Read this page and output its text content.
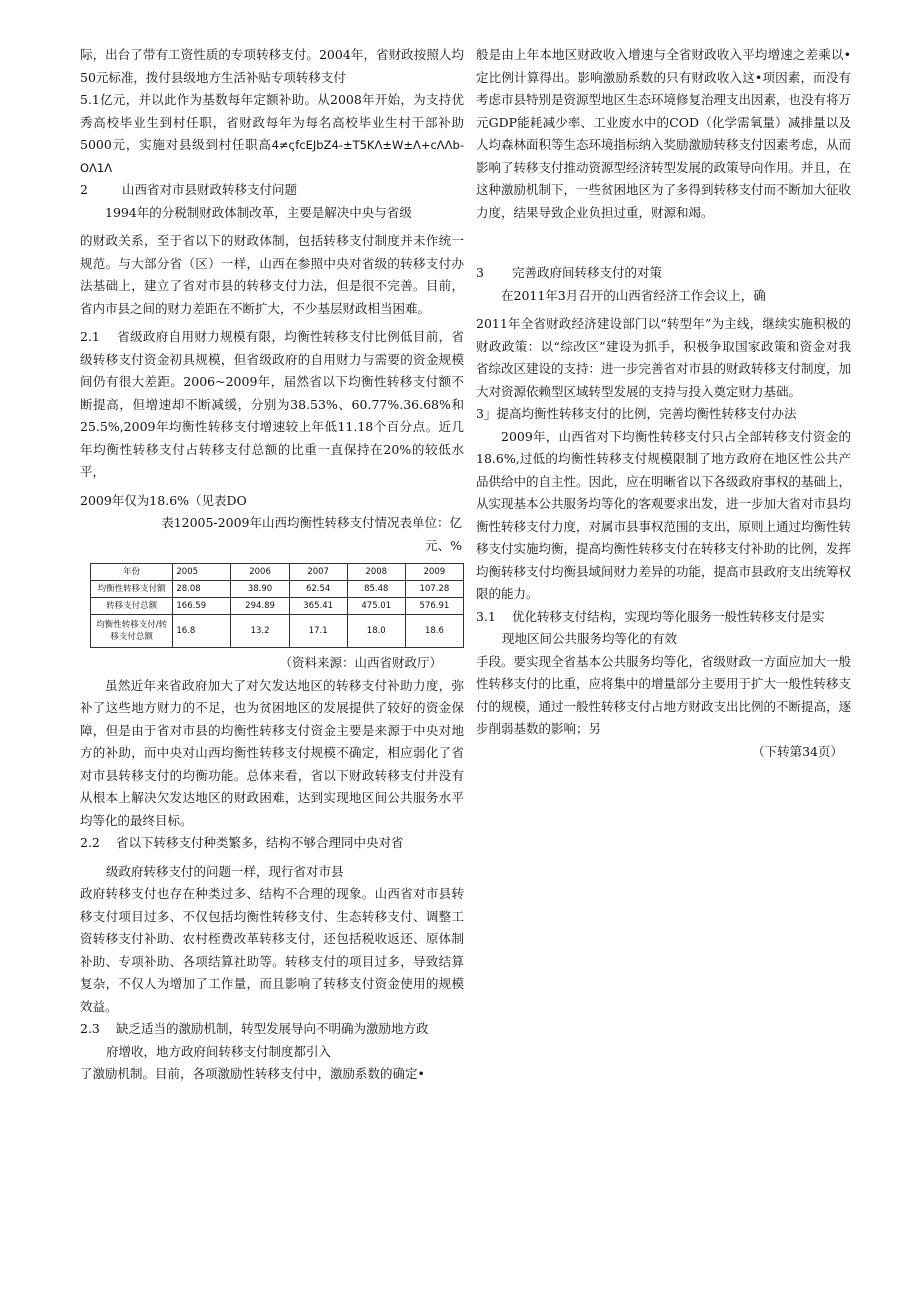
际，出台了带有工资性质的专项转移支付。2004年，省财政按照人均50元标准，拨付县级地方生活补贴专项转移支付

5.1亿元，并以此作为基数每年定额补助。从2008年开始，为支持优秀高校毕业生到村任职，省财政每年为每名高校毕业生村干部补助5000元，实施对县级到村任职高4≠ςfcEJbZ4-±T5KΛ±W±Λ+cΛΛb-OΛ1Λ

2	山西省对市县财政转移支付问题

1994年的分税制财政体制改革，主要是解决中央与省级

的财政关系，至于省以下的财政体制，包括转移支付制度并未作统一规范。与大部分省（区）一样，山西在参照中央对省级的转移支付办法基础上，建立了省对市县的转移支付力法，但是很不完善。目前，省内市县之间的财力差距在不断扩大，不少基层财政相当困难。

2.1 省级政府自用财力规模有限，均衡性转移支付比例低目前，省级转移支付资金初具规模，但省级政府的自用财力与需要的资金规模间仍有很大差距。2006~2009年，届然省以下均衡性转移支付额不断提高，但增速却不断减缓，分别为38.53%、60.77%.36.68%和25.5%,2009年均衡性转移支付增速较上年低11.18个百分点。近几年均衡性转移支付占转移支付总额的比重一直保持在20%的较低水平，

2009年仅为18.6%（见表DO

表12005-2009年山西均衡性转移支付情况表单位：亿元、%

年份	2005	2006	2007	2008	2009
均衡性转移支付额	28.08	38.90	62.54	85.48	107.28
转移支付总额	166.59	294.89	365.41	475.01	576.91
均衡性转移支付/转移支付总额	16.8	13.2	17.1	18.0	18.6

（资料来源：山西省财政厅）

虽然近年来省政府加大了对欠发达地区的转移支付补助力度，弥补了这些地方财力的不足，也为贫困地区的发展提供了较好的资金保障，但是由于省对市县的均衡性转移支付资金主要是来源于中央对地方的补助，而中央对山西均衡性转移支付规模不确定，相应弱化了省对市县转移支付的均衡功能。总体来看，省以下财政转移支付并没有从根本上解决欠发达地区的财政困难，达到实现地区间公共服务水平均等化的最终目标。

2.2 省以下转移支付种类繁多，结构不够合理同中央对省

级政府转移支付的问题一样，现行省对市县

政府转移支付也存在种类过多、结构不合理的现象。山西省对市县转移支付项目过多、不仅包括均衡性转移支付、生态转移支付、调整工资转移支付补助、农村桎费改革转移支付，还包括税收返还、原体制补助、专项补助、各项结算社助等。转移支付的项目过多，导致结算复杂，不仅人为增加了工作量，而且影响了转移支付资金使用的规模效益。

2.3 缺乏适当的激励机制，转型发展导向不明确为激励地方政

府增收，地方政府间转移支付制度都引入

了激励机制。目前，各项激励性转移支付中，激励系数的确定•

般是由上年本地区财政收入增速与全省财政收入平均增速之差乘以•定比例计算得出。影响激励系数的只有财政收入这•项因素，而没有考虑市县特别是资源型地区生态环境修复治理支出因素，也没有将万元GDP能耗减少率、工业废水中的COD（化学需氧量）减排量以及人均森林面积等生态环境指标纳入奖励激励转移支付因素考虑，从而影响了转移支付推动资源型经济转型发展的政策导向作用。并且，在这种激励机制下，一些贫困地区为了多得到转移支付而不断加大征收力度，结果导致企业负担过重，财源和竭。

3 完善政府间转移支付的对策

在2011年3月召开的山西省经济工作会议上，确

2011年全省财政经济建设部门以“转型年”为主线，继续实施积极的财政政策：以“综改区”建设为抓手，积极争取国家政策和资金对我省综改区建设的支持：进一步完善省对市县的财政转移支付制度，加大对资源依赖型区域转型发展的支持与投入奠定财力基础。

3」提高均衡性转移支付的比例，完善均衡性转移支付办法

2009年，山西省对下均衡性转移支付只占全部转移支付资金的18.6%,过低的均衡性转移支付规模限制了地方政府在地区性公共产品供给中的自主性。因此，应在明晰省以下各级政府事权的基础上，从实现基本公共服务均等化的客观要求出发，进一步加大省对市县均衡性转移支付力度，对属市县事权范围的支出，原则上通过均衡性转移支付实施均衡，提高均衡性转移支付在转移支付补助的比例，发挥均衡转移支付均衡县域间财力差异的功能，提高市县政府支出统筹权限的能力。

3.1 优化转移支付结构，实现均等化服务一般性转移支付是实

现地区间公共服务均等化的有效

手段。要实现全省基本公共服务均等化，省级财政一方面应加大一般性转移支付的比重，应将集中的增量部分主要用于扩大一般性转移支付的规模，通过一般性转移支付占地方财政支出比例的不断提高，逐步削弱基数的影响；另

（下转第34页）
